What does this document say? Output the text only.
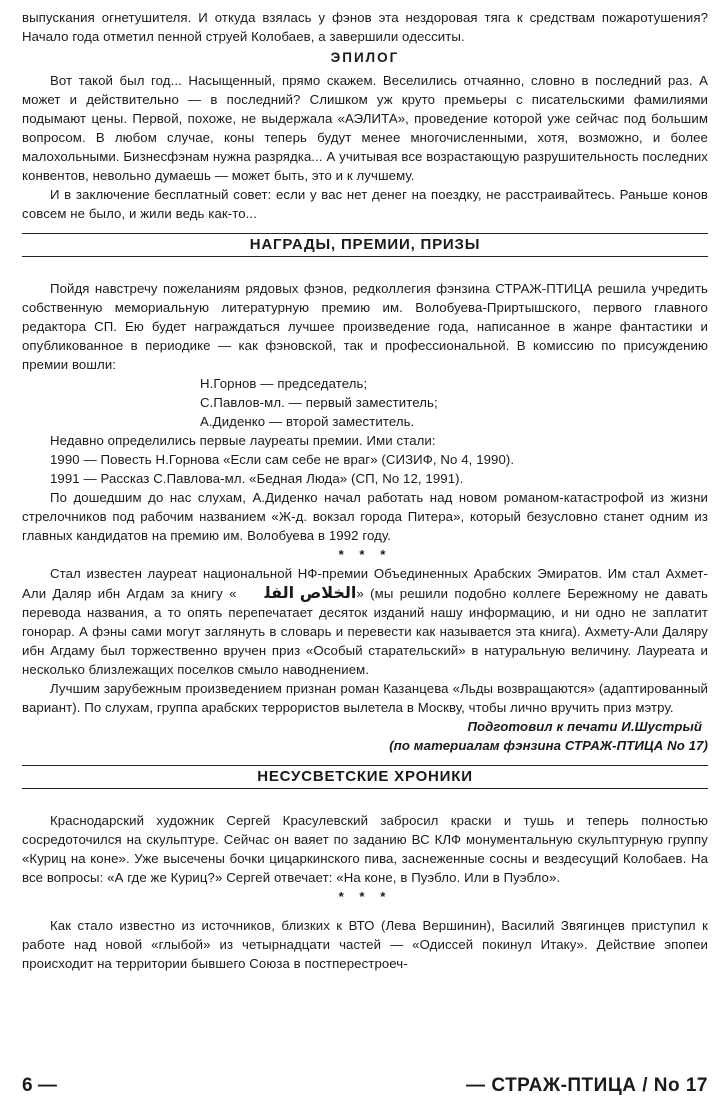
выпускания огнетушителя. И откуда взялась у фэнов эта нездоровая тяга к средствам пожаротушения? Начало года отметил пенной струей Колобаев, а завершили одесситы.

ЭПИЛОГ

Вот такой был год... Насыщенный, прямо скажем. Веселились отчаянно, словно в последний раз. А может и действительно — в последний? Слишком уж круто премьеры с писательскими фамилиями подымают цены. Первой, похоже, не выдержала «АЭЛИТА», проведение которой уже сейчас под большим вопросом. В любом случае, коны теперь будут менее многочисленными, хотя, возможно, и более малохольными. Бизнесфэнам нужна разрядка... А учитывая все возрастающую разрушительность последних конвентов, невольно думаешь — может быть, это и к лучшему.

И в заключение бесплатный совет: если у вас нет денег на поездку, не расстраивайтесь. Раньше конов совсем не было, и жили ведь как-то...

НАГРАДЫ, ПРЕМИИ, ПРИЗЫ

Пойдя навстречу пожеланиям рядовых фэнов, редколлегия фэнзина СТРАЖ-ПТИЦА решила учредить собственную мемориальную литературную премию им. Волобуева-Приртышского, первого главного редактора СП. Ею будет награждаться лучшее произведение года, написанное в жанре фантастики и опубликованное в периодике — как фэновской, так и профессиональной. В комиссию по присуждению премии вошли:

Н.Горнов — председатель;
С.Павлов-мл. — первый заместитель;
А.Диденко — второй заместитель.

Недавно определились первые лауреаты премии. Ими стали:

1990 — Повесть Н.Горнова «Если сам себе не враг» (СИЗИФ, No 4, 1990).

1991 — Рассказ С.Павлова-мл. «Бедная Люда» (СП, No 12, 1991).

По дошедшим до нас слухам, А.Диденко начал работать над новом романом-катастрофой из жизни стрелочников под рабочим названием «Ж-д. вокзал города Питера», который безусловно станет одним из главных кандидатов на премию им. Волобуева в 1992 году.

* * *

Стал известен лауреат национальной НФ-премии Объединенных Арабских Эмиратов. Им стал Ахмет-Али Даляр ибн Агдам за книгу « ﺍﻟﺨﻼﺹ ﺍﻟﻔﻠ» (мы решили подобно коллеге Бережному не давать перевода названия, а то опять перепечатает десяток изданий нашу информацию, и ни одно не заплатит гонорар. А фэны сами могут заглянуть в словарь и перевести как называется эта книга). Ахмету-Али Даляру ибн Агдаму был торжественно вручен приз «Особый старательский» в натуральную величину. Лауреата и несколько близлежащих поселков смыло наводнением.

Лучшим зарубежным произведением признан роман Казанцева «Льды возвращаются» (адаптированный вариант). По слухам, группа арабских террористов вылетела в Москву, чтобы лично вручить приз мэтру.

Подготовил к печати И.Шустрый
(по материалам фэнзина СТРАЖ-ПТИЦА No 17)
НЕСУСВЕТСКИЕ ХРОНИКИ

Краснодарский художник Сергей Красулевский забросил краски и тушь и теперь полностью сосредоточился на скульптуре. Сейчас он ваяет по заданию ВС КЛФ монументальную скульптурную группу «Куриц на коне». Уже высечены бочки цицаркинского пива, заснеженные сосны и вездесущий Колобаев. На все вопросы: «А где же Куриц?» Сергей отвечает: «На коне, в Пуэбло. Или в Пуэбло».

* * *

Как стало известно из источников, близких к ВТО (Лева Вершинин), Василий Звягинцев приступил к работе над новой «глыбой» из четырнадцати частей — «Одиссей покинул Итаку». Действие эпопеи происходит на территории бывшего Союза в постперестроеч-

6 —	— СТРАЖ-ПТИЦА / No 17
